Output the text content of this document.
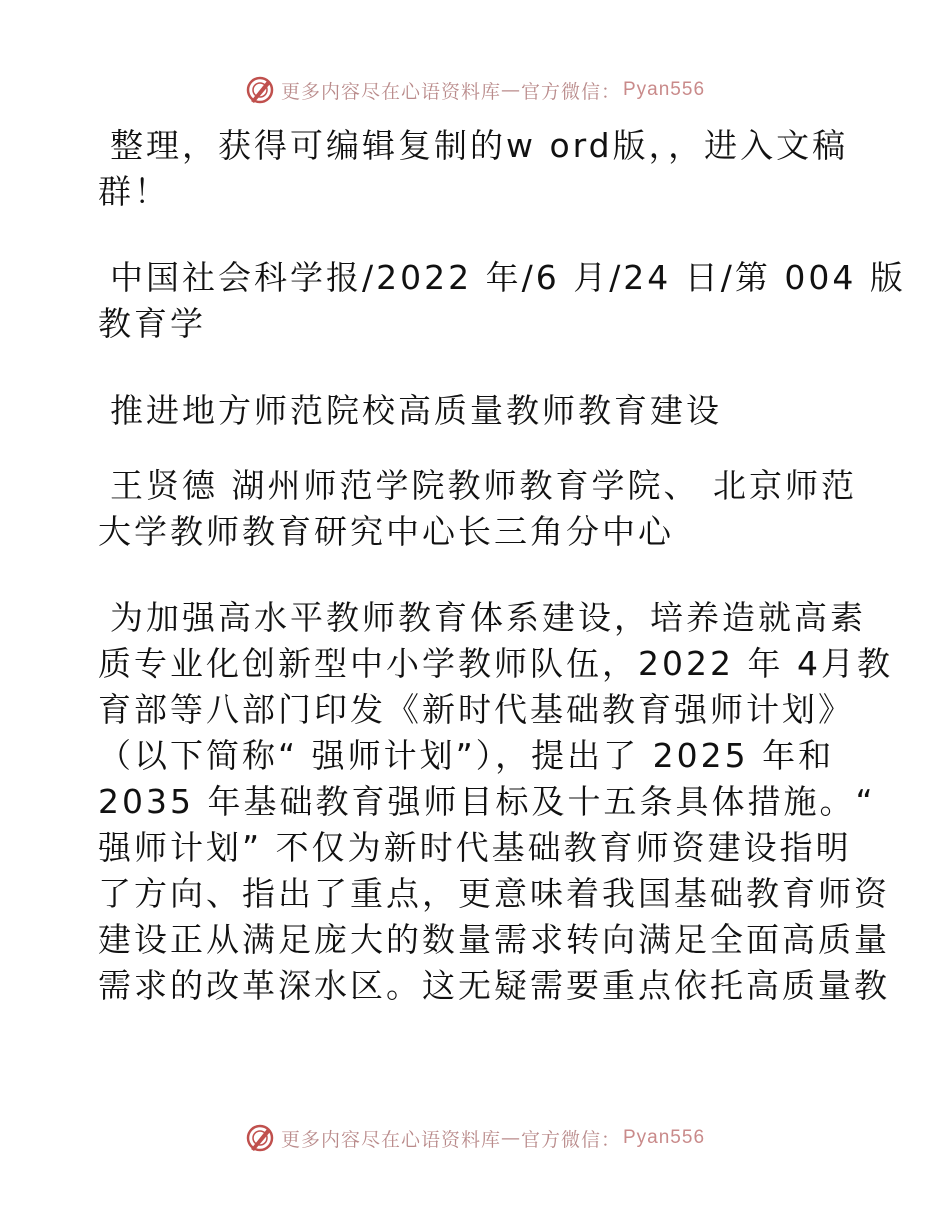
更多内容尽在心语资料库 — 官方微信： Pyan556
整理，获得可编辑复制的w ord版，，进入文稿
群！
中国社会科学报/2022 年/6 月/24 日/第 004 版
教育学
推进地方师范院校高质量教师教育建设
王贤德 湖州师范学院教师教育学院、 北京师范
大学教师教育研究中心长三角分中心
为加强高水平教师教育体系建设，培养造就高素
质专业化创新型中小学教师队伍，2022 年 4月教
育部等八部门印发《新时代基础教育强师计划》
（以下简称“ 强师计划”），提出了 2025 年和
2035 年基础教育强师目标及十五条具体措施。“
强师计划” 不仅为新时代基础教育师资建设指明
了方向、指出了重点，更意味着我国基础教育师资
建设正从满足庞大的数量需求转向满足全面高质量
需求的改革深水区。这无疑需要重点依托高质量教
更多内容尽在心语资料库 — 官方微信： Pyan556
